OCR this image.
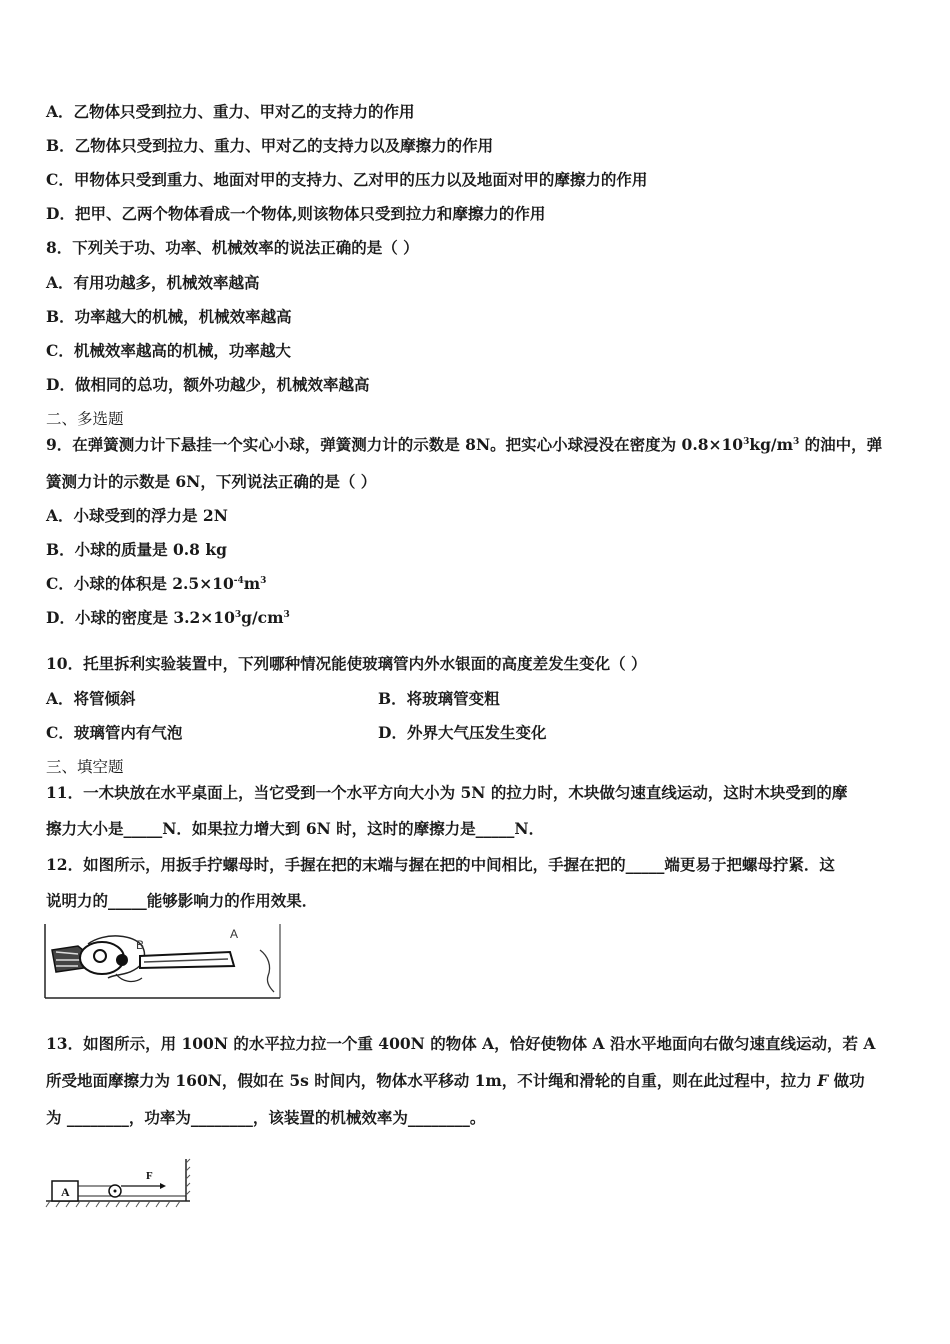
A．乙物体只受到拉力、重力、甲对乙的支持力的作用
B．乙物体只受到拉力、重力、甲对乙的支持力以及摩擦力的作用
C．甲物体只受到重力、地面对甲的支持力、乙对甲的压力以及地面对甲的摩擦力的作用
D．把甲、乙两个物体看成一个物体,则该物体只受到拉力和摩擦力的作用
8．下列关于功、功率、机械效率的说法正确的是（ ）
A．有用功越多，机械效率越高
B．功率越大的机械，机械效率越高
C．机械效率越高的机械，功率越大
D．做相同的总功，额外功越少，机械效率越高
二、多选题
9．在弹簧测力计下悬挂一个实心小球，弹簧测力计的示数是 8N。把实心小球浸没在密度为 $0.8\times 10^3kg/m^3$ 的油中，弹
簧测力计的示数是 6N，下列说法正确的是（ ）
A．小球受到的浮力是 2N
B．小球的质量是 0.8 kg
C．小球的体积是 $2.5\times 10^{-4}m^3$
D．小球的密度是 $3.2\times 10^3g/cm^3$
10．托里拆利实验装置中，下列哪种情况能使玻璃管内外水银面的高度差发生变化（ ）
A．将管倾斜	B．将玻璃管变粗
C．玻璃管内有气泡	D．外界大气压发生变化
三、填空题
11．一木块放在水平桌面上，当它受到一个水平方向大小为 5N 的拉力时，木块做匀速直线运动，这时木块受到的摩
擦力大小是_____N．如果拉力增大到 6N 时，这时的摩擦力是_____N．
12．如图所示，用扳手拧螺母时，手握在把的末端与握在把的中间相比，手握在把的_____端更易于把螺母拧紧．这
说明力的_____能够影响力的作用效果．
B
A
13．如图所示，用 100N 的水平拉力拉一个重 400N 的物体 A，恰好使物体 A 沿水平地面向右做匀速直线运动，若 A
所受地面摩擦力为 160N，假如在 5s 时间内，物体水平移动 1m，不计绳和滑轮的自重，则在此过程中，拉力 F 做功
为 ________，功率为________，该装置的机械效率为________。
A
F
